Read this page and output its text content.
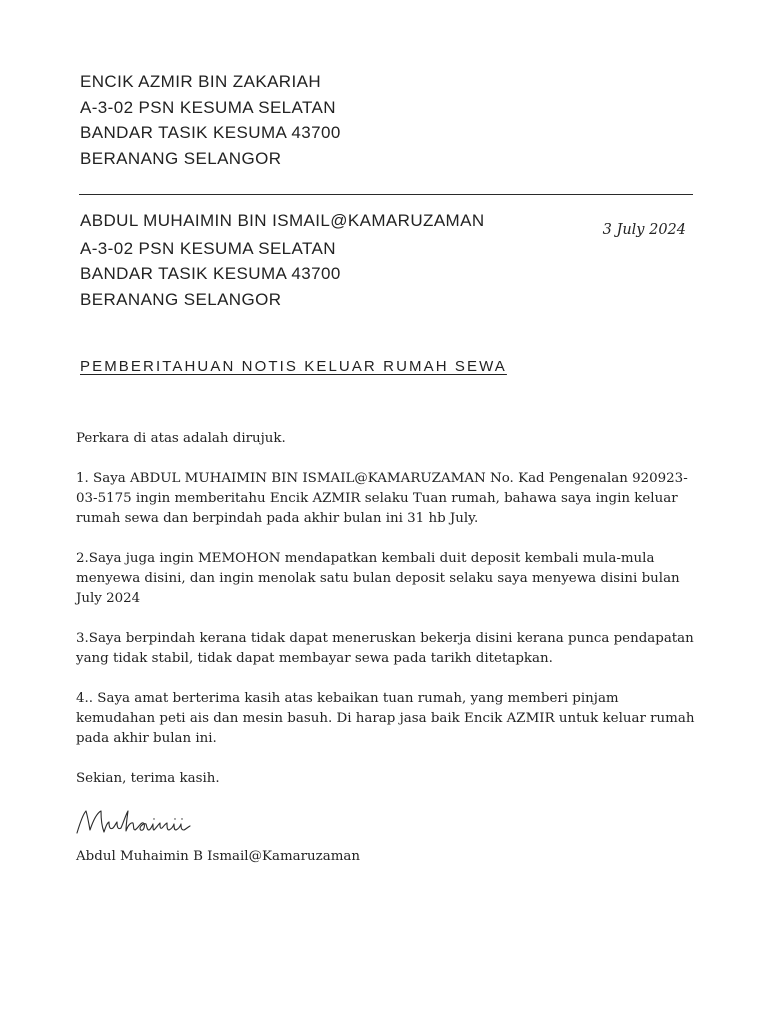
ENCIK AZMIR BIN ZAKARIAH
A-3-02 PSN KESUMA SELATAN
BANDAR TASIK KESUMA 43700
BERANANG SELANGOR
ABDUL MUHAIMIN BIN ISMAIL@KAMARUZAMAN
A-3-02 PSN KESUMA SELATAN
BANDAR TASIK KESUMA 43700
BERANANG SELANGOR
3 July 2024
PEMBERITAHUAN NOTIS KELUAR RUMAH SEWA

Perkara di atas adalah dirujuk.

1. Saya ABDUL MUHAIMIN BIN ISMAIL@KAMARUZAMAN No. Kad Pengenalan 920923-03-5175 ingin memberitahu Encik AZMIR selaku Tuan rumah, bahawa saya ingin keluar rumah sewa dan berpindah pada akhir bulan ini 31 hb July.

2.Saya juga ingin MEMOHON mendapatkan kembali duit deposit kembali mula-mula menyewa disini, dan ingin menolak satu bulan deposit selaku saya menyewa disini bulan July 2024

3.Saya berpindah kerana tidak dapat meneruskan bekerja disini kerana punca pendapatan yang tidak stabil, tidak dapat membayar sewa pada tarikh ditetapkan.

4.. Saya amat berterima kasih atas kebaikan tuan rumah, yang memberi pinjam kemudahan peti ais dan mesin basuh. Di harap jasa baik Encik AZMIR untuk keluar rumah pada akhir bulan ini.

Sekian, terima kasih.

Abdul Muhaimin B Ismail@Kamaruzaman
